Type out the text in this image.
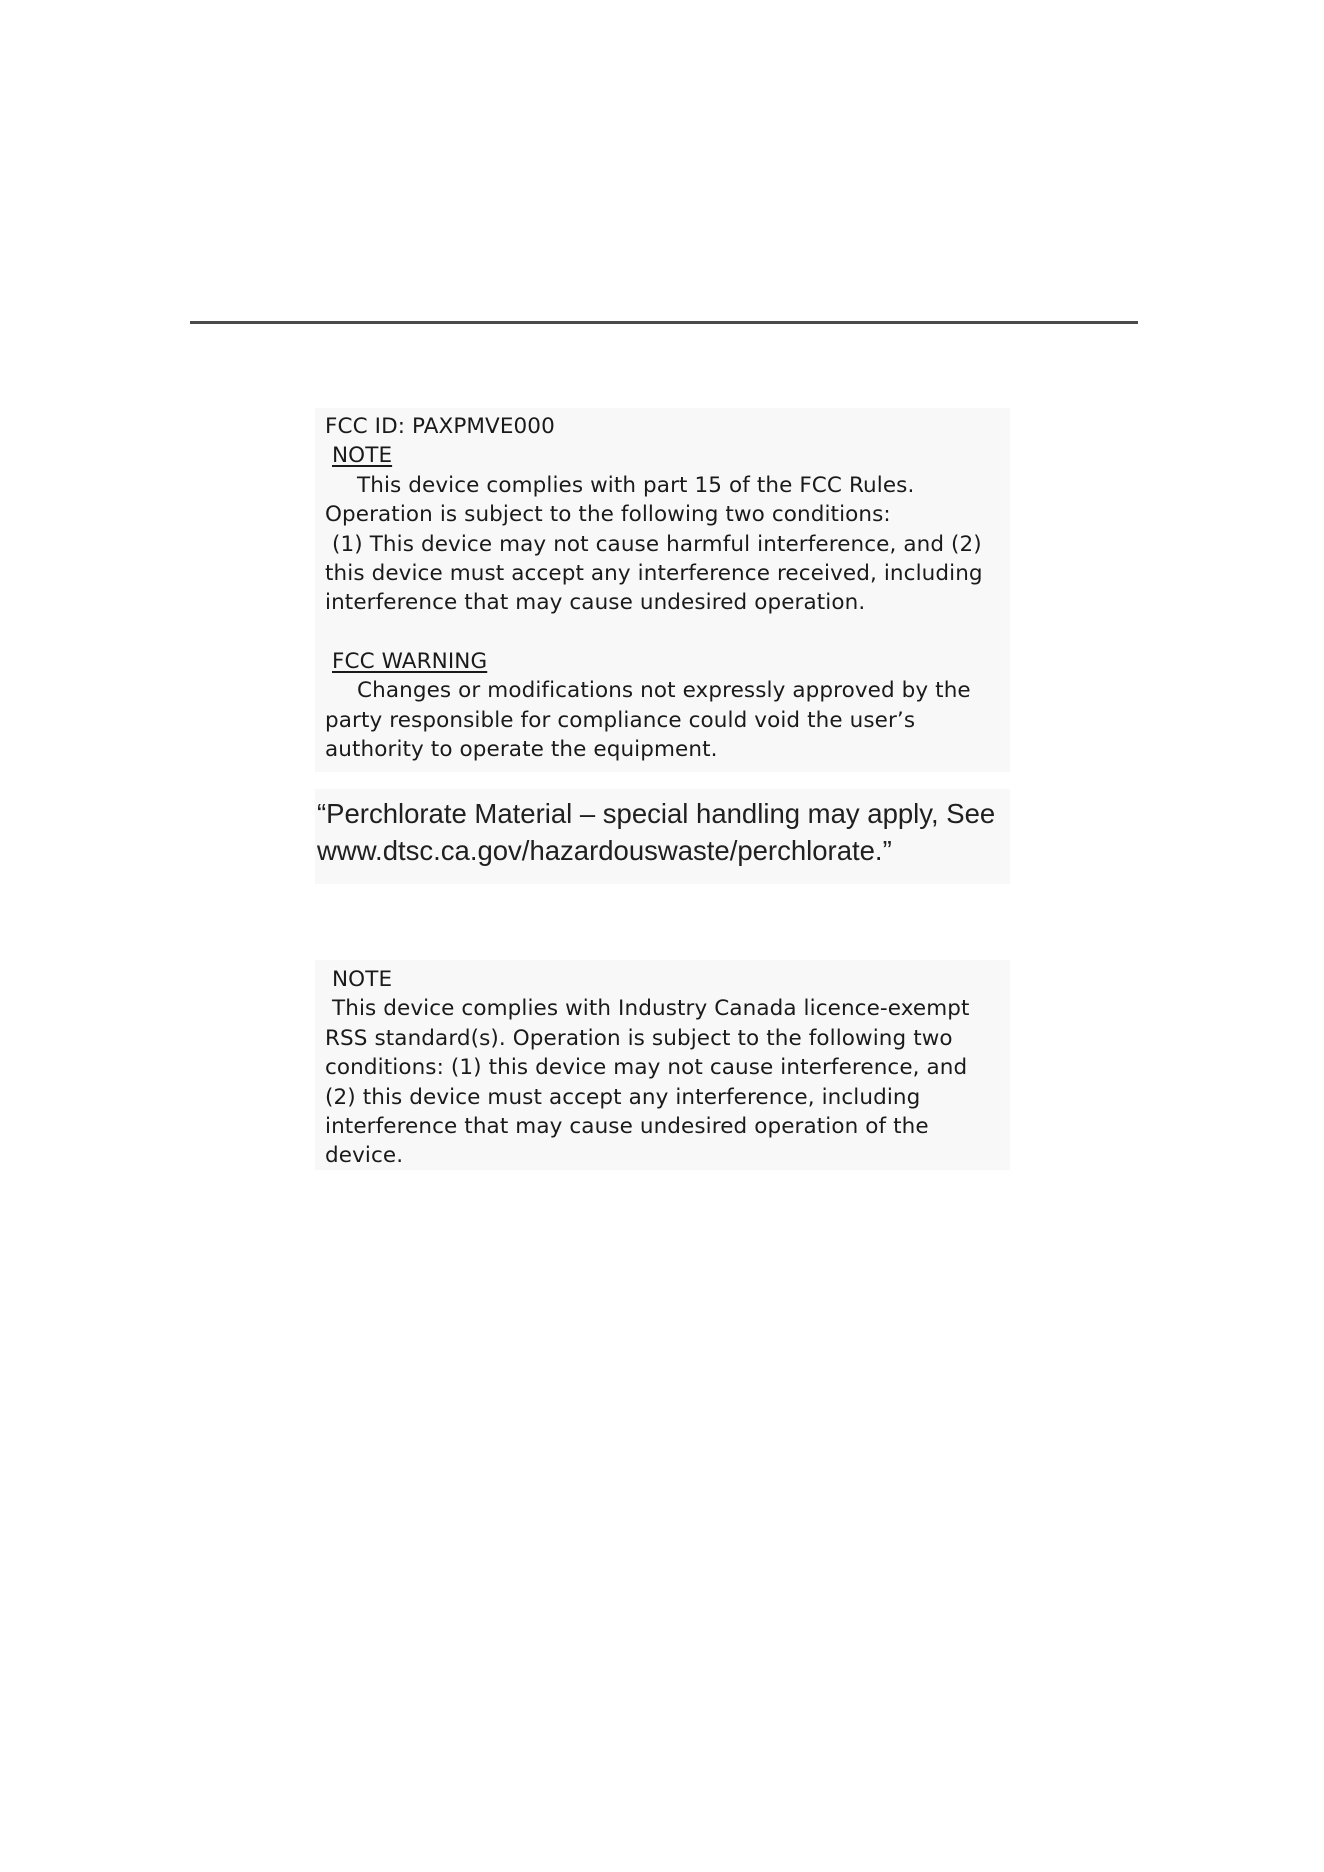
FCC ID: PAXPMVE000
NOTE
This device complies with part 15 of the FCC Rules.
Operation is subject to the following two conditions:
(1) This device may not cause harmful interference, and (2)
this device must accept any interference received, including
interference that may cause undesired operation.
FCC WARNING
Changes or modifications not expressly approved by the
party responsible for compliance could void the user’s
authority to operate the equipment.
“Perchlorate Material – special handling may apply, See
www.dtsc.ca.gov/hazardouswaste/perchlorate.”
NOTE
This device complies with Industry Canada licence-exempt
RSS standard(s). Operation is subject to the following two
conditions: (1) this device may not cause interference, and
(2) this device must accept any interference, including
interference that may cause undesired operation of the
device.
